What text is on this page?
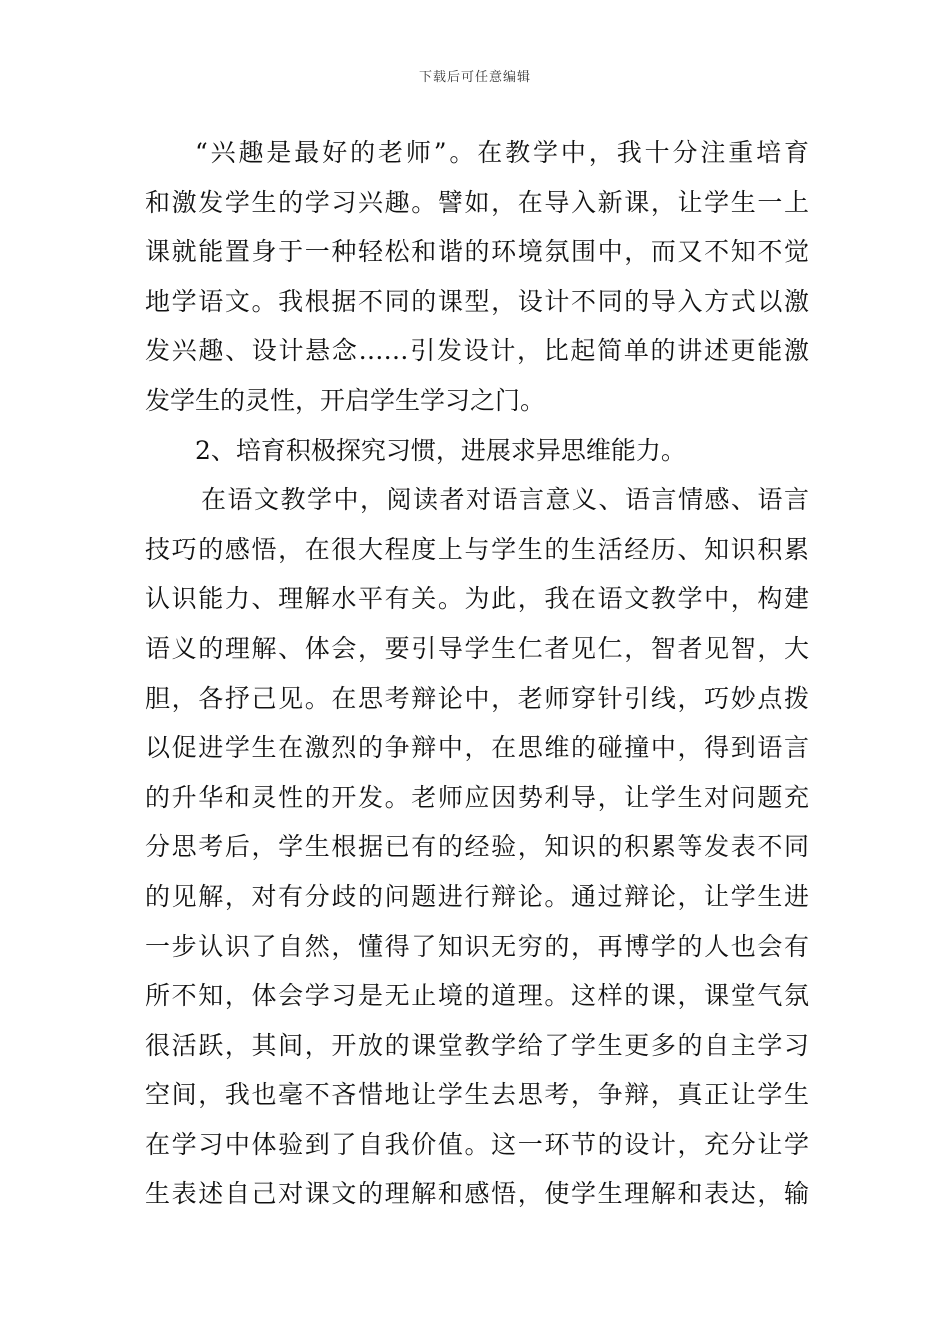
下载后可任意编辑
“兴趣是最好的老师”。在教学中，我十分注重培育
和激发学生的学习兴趣。譬如，在导入新课，让学生一上
课就能置身于一种轻松和谐的环境氛围中，而又不知不觉
地学语文。我根据不同的课型，设计不同的导入方式以激
发兴趣、设计悬念……引发设计，比起简单的讲述更能激
发学生的灵性，开启学生学习之门。
2、培育积极探究习惯，进展求异思维能力。
在语文教学中，阅读者对语言意义、语言情感、语言
技巧的感悟，在很大程度上与学生的生活经历、知识积累
认识能力、理解水平有关。为此，我在语文教学中，构建
语义的理解、体会，要引导学生仁者见仁，智者见智，大
胆，各抒己见。在思考辩论中，老师穿针引线，巧妙点拨
以促进学生在激烈的争辩中，在思维的碰撞中，得到语言
的升华和灵性的开发。老师应因势利导，让学生对问题充
分思考后，学生根据已有的经验，知识的积累等发表不同
的见解，对有分歧的问题进行辩论。通过辩论，让学生进
一步认识了自然，懂得了知识无穷的，再博学的人也会有
所不知，体会学习是无止境的道理。这样的课，课堂气氛
很活跃，其间，开放的课堂教学给了学生更多的自主学习
空间，我也毫不吝惜地让学生去思考，争辩，真正让学生
在学习中体验到了自我价值。这一环节的设计，充分让学
生表述自己对课文的理解和感悟，使学生理解和表达，输
